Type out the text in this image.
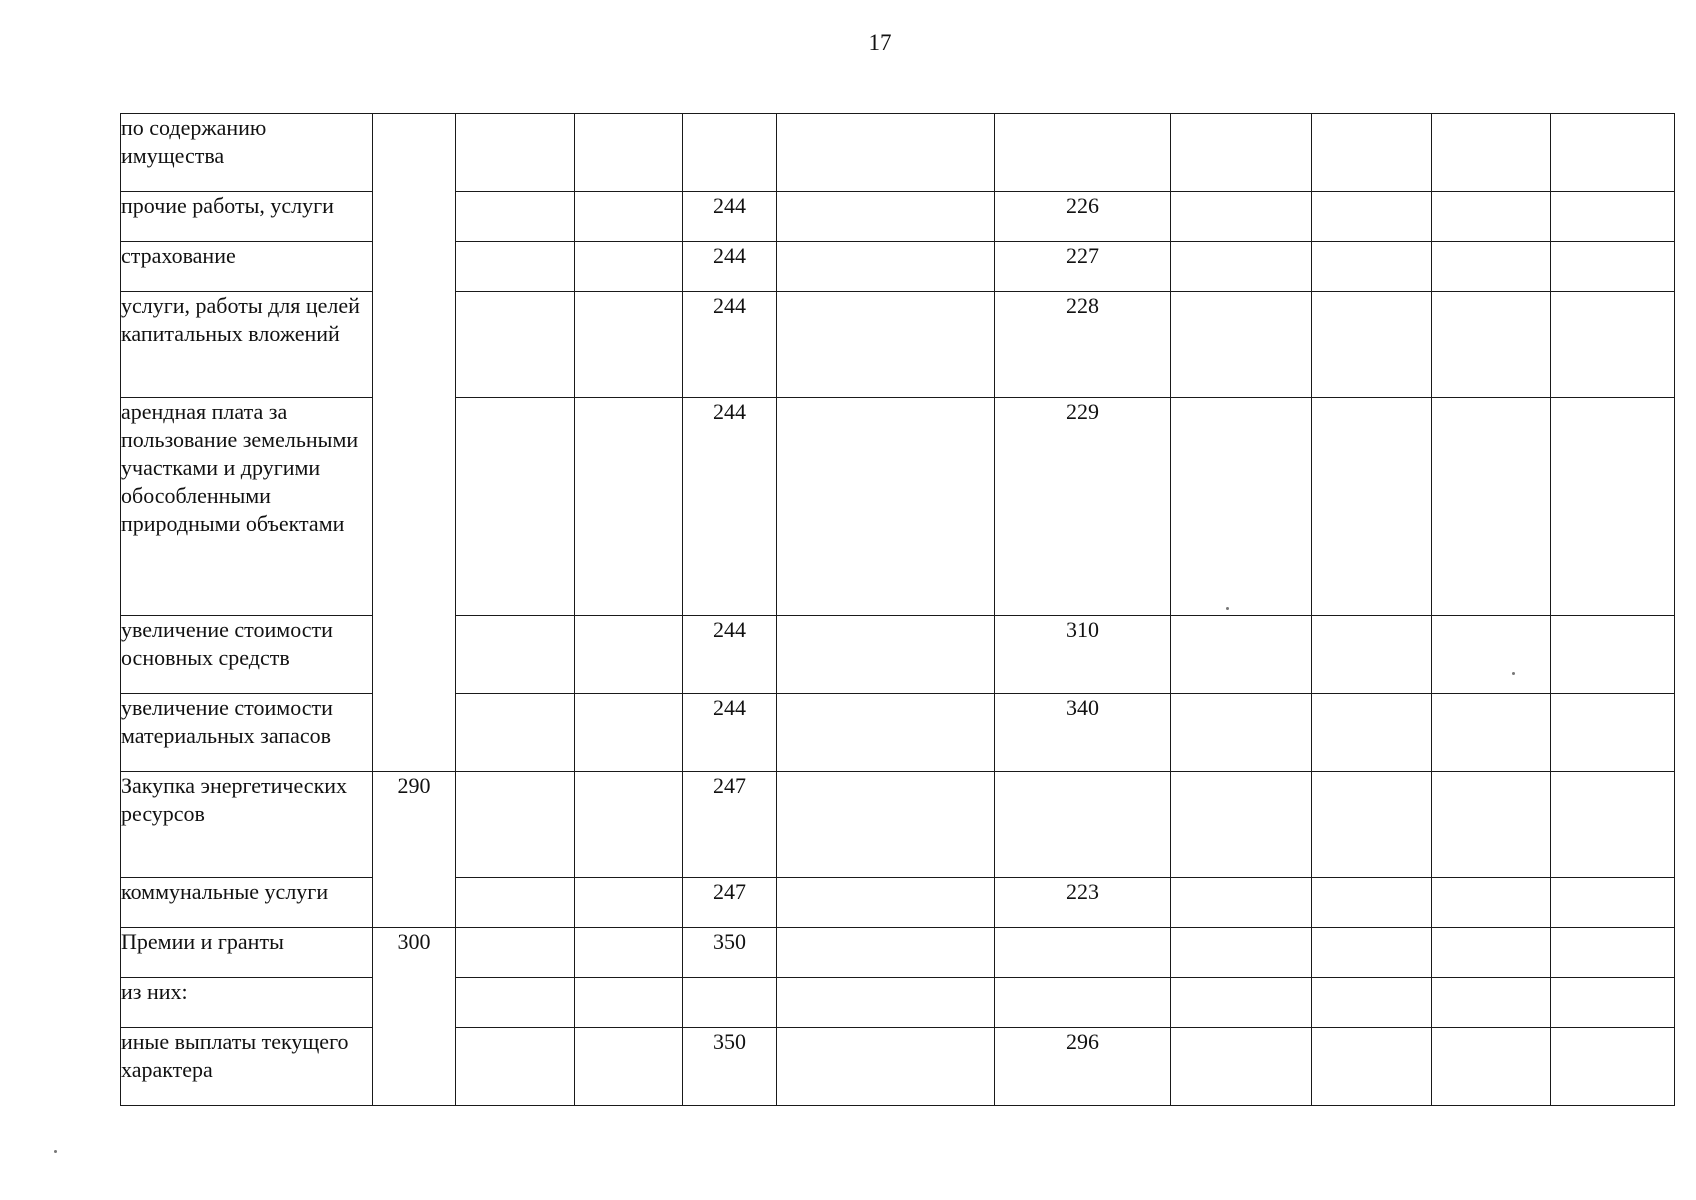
17
по содержанию имущества										
прочие работы, услуги				244		226				
страхование				244		227				
услуги, работы для целей капитальных вложений				244		228				
арендная плата за пользование земельными участками и другими обособленными природными объектами				244		229				
увеличение стоимости основных средств				244		310				
увеличение стоимости материальных запасов				244		340				
Закупка энергетических ресурсов	290			247						
коммунальные услуги				247		223				
Премии и гранты	300			350						
из них:										
иные выплаты текущего характера				350		296				
